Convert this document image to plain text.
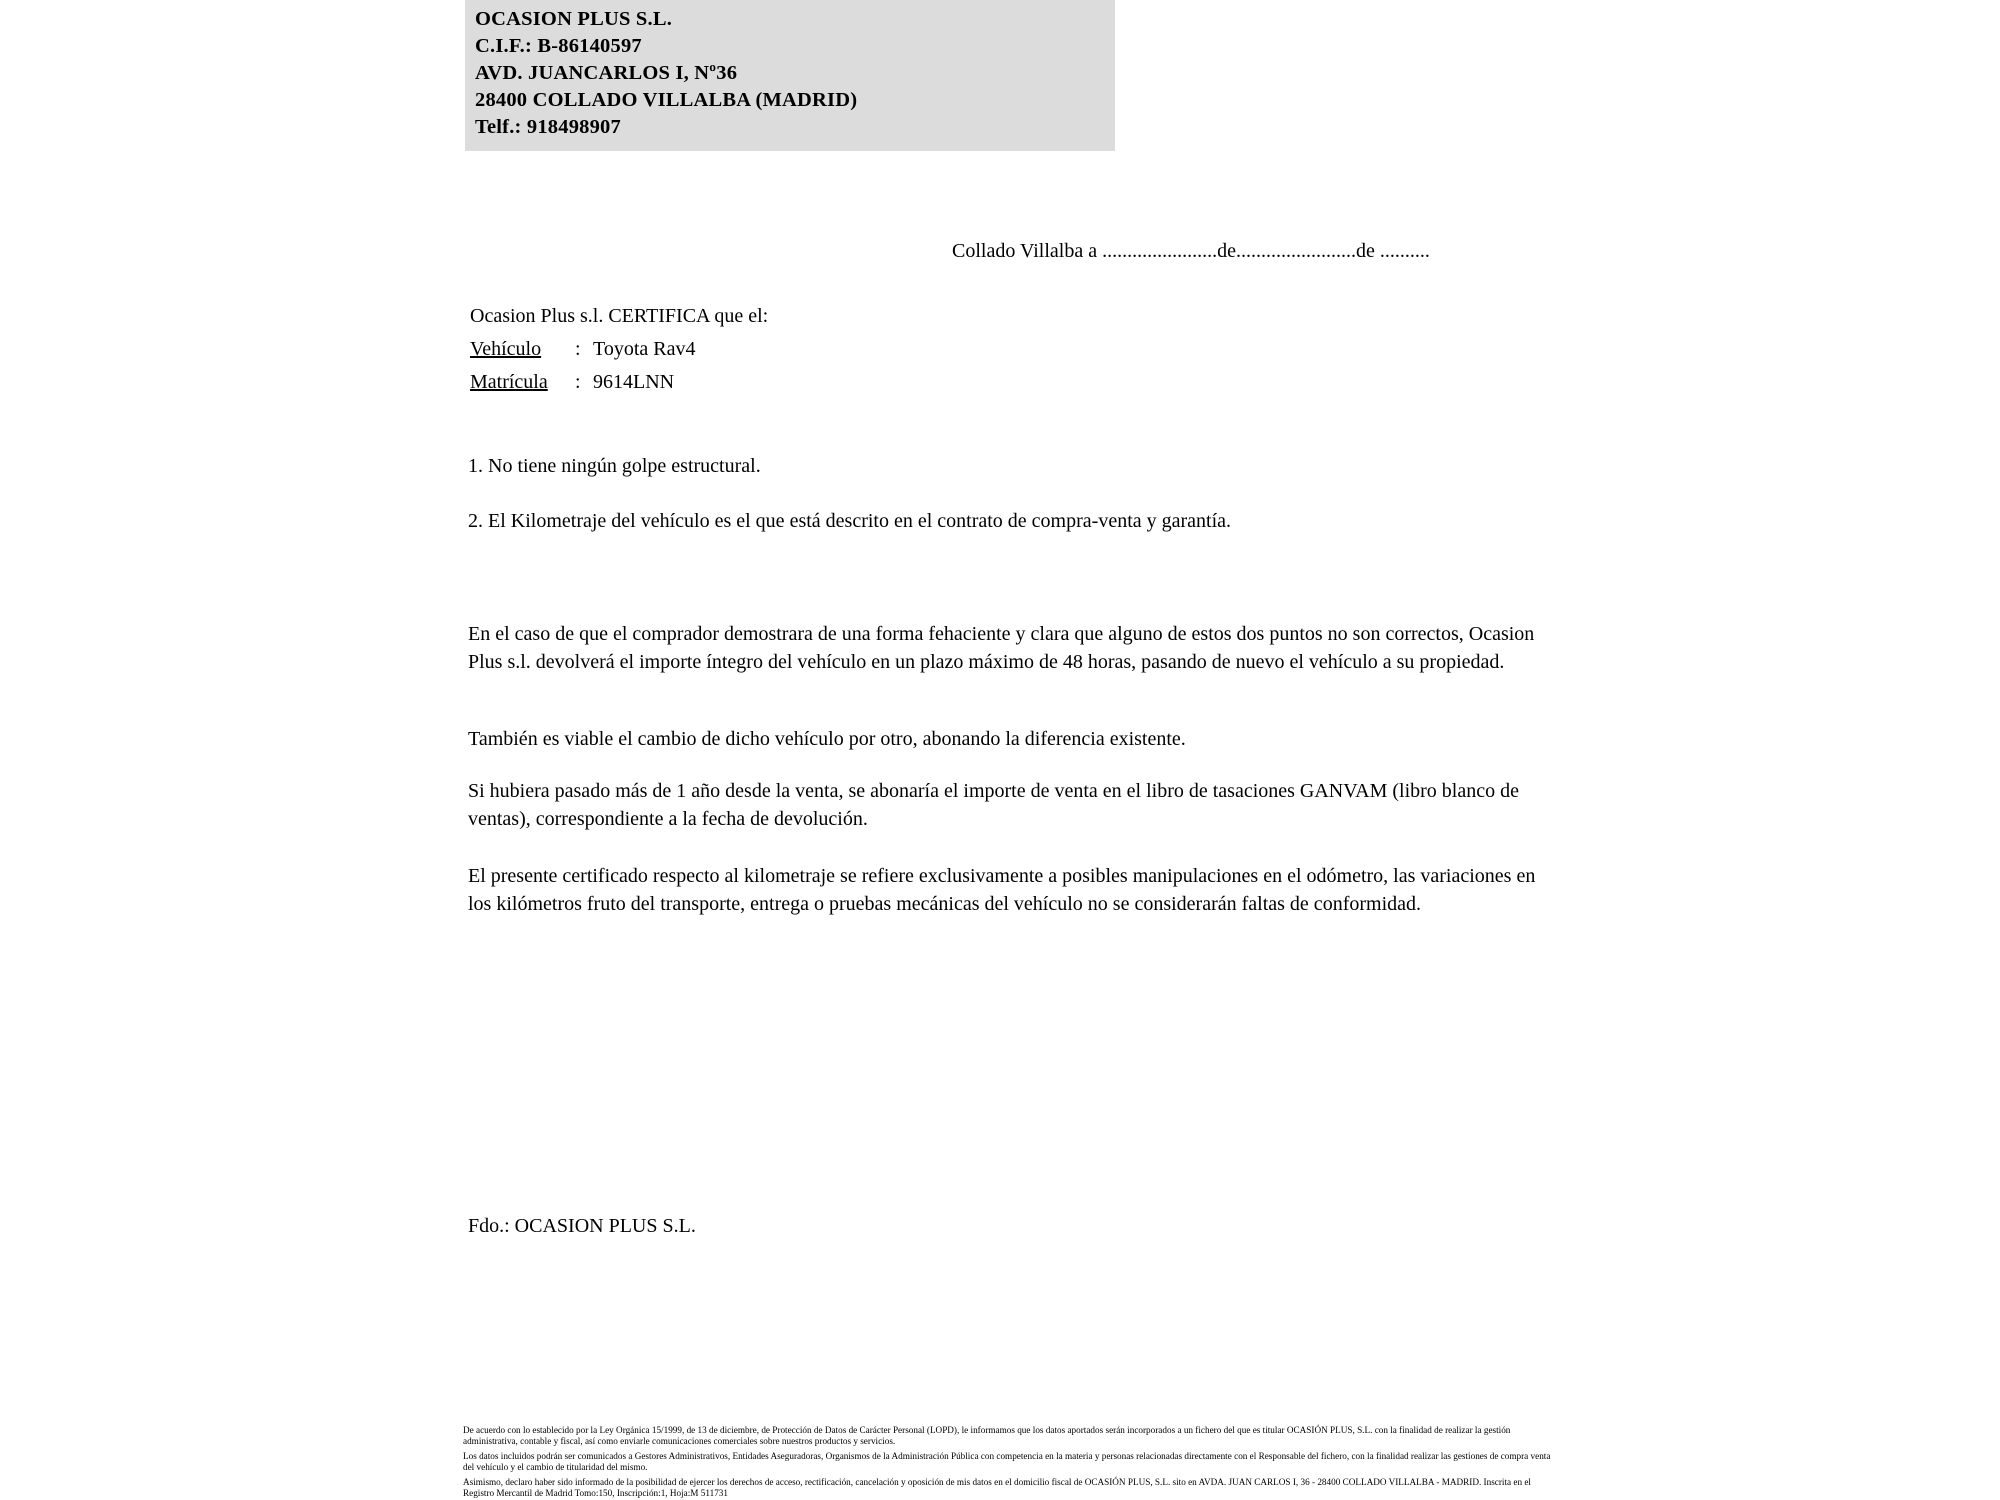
OCASION PLUS S.L.
C.I.F.: B-86140597
AVD. JUANCARLOS I, Nº36
28400 COLLADO VILLALBA (MADRID)
Telf.: 918498907
Collado Villalba a .......................de........................de ..........
Ocasion Plus s.l. CERTIFICA que el:
Vehículo	: Toyota Rav4
Matrícula	: 9614LNN
1. No tiene ningún golpe estructural.
2. El Kilometraje del vehículo es el que está descrito en el contrato de compra-venta y garantía.
En el caso de que el comprador demostrara de una forma fehaciente y clara que alguno de estos dos puntos no son correctos, Ocasion Plus s.l. devolverá el importe íntegro del vehículo en un plazo máximo de 48 horas, pasando de nuevo el vehículo a su propiedad.
También es viable el cambio de dicho vehículo por otro, abonando la diferencia existente.
Si hubiera pasado más de 1 año desde la venta, se abonaría el importe de venta en el libro de tasaciones GANVAM (libro blanco de ventas), correspondiente a la fecha de devolución.
El presente certificado respecto al kilometraje se refiere exclusivamente a posibles manipulaciones en el odómetro, las variaciones en los kilómetros fruto del transporte, entrega o pruebas mecánicas del vehículo no se considerarán faltas de conformidad.
Fdo.: OCASION PLUS S.L.

De acuerdo con lo establecido por la Ley Orgánica 15/1999, de 13 de diciembre, de Protección de Datos de Carácter Personal (LOPD), le informamos que los datos aportados serán incorporados a un fichero del que es titular OCASIÓN PLUS, S.L. con la finalidad de realizar la gestión administrativa, contable y fiscal, así como enviarle comunicaciones comerciales sobre nuestros productos y servicios.

Los datos incluidos podrán ser comunicados a Gestores Administrativos, Entidades Aseguradoras, Organismos de la Administración Pública con competencia en la materia y personas relacionadas directamente con el Responsable del fichero, con la finalidad realizar las gestiones de compra venta del vehículo y el cambio de titularidad del mismo.

Asimismo, declaro haber sido informado de la posibilidad de ejercer los derechos de acceso, rectificación, cancelación y oposición de mis datos en el domicilio fiscal de OCASIÓN PLUS, S.L. sito en AVDA. JUAN CARLOS I, 36 - 28400 COLLADO VILLALBA - MADRID. Inscrita en el Registro Mercantil de Madrid Tomo:150, Inscripción:1, Hoja:M 511731
